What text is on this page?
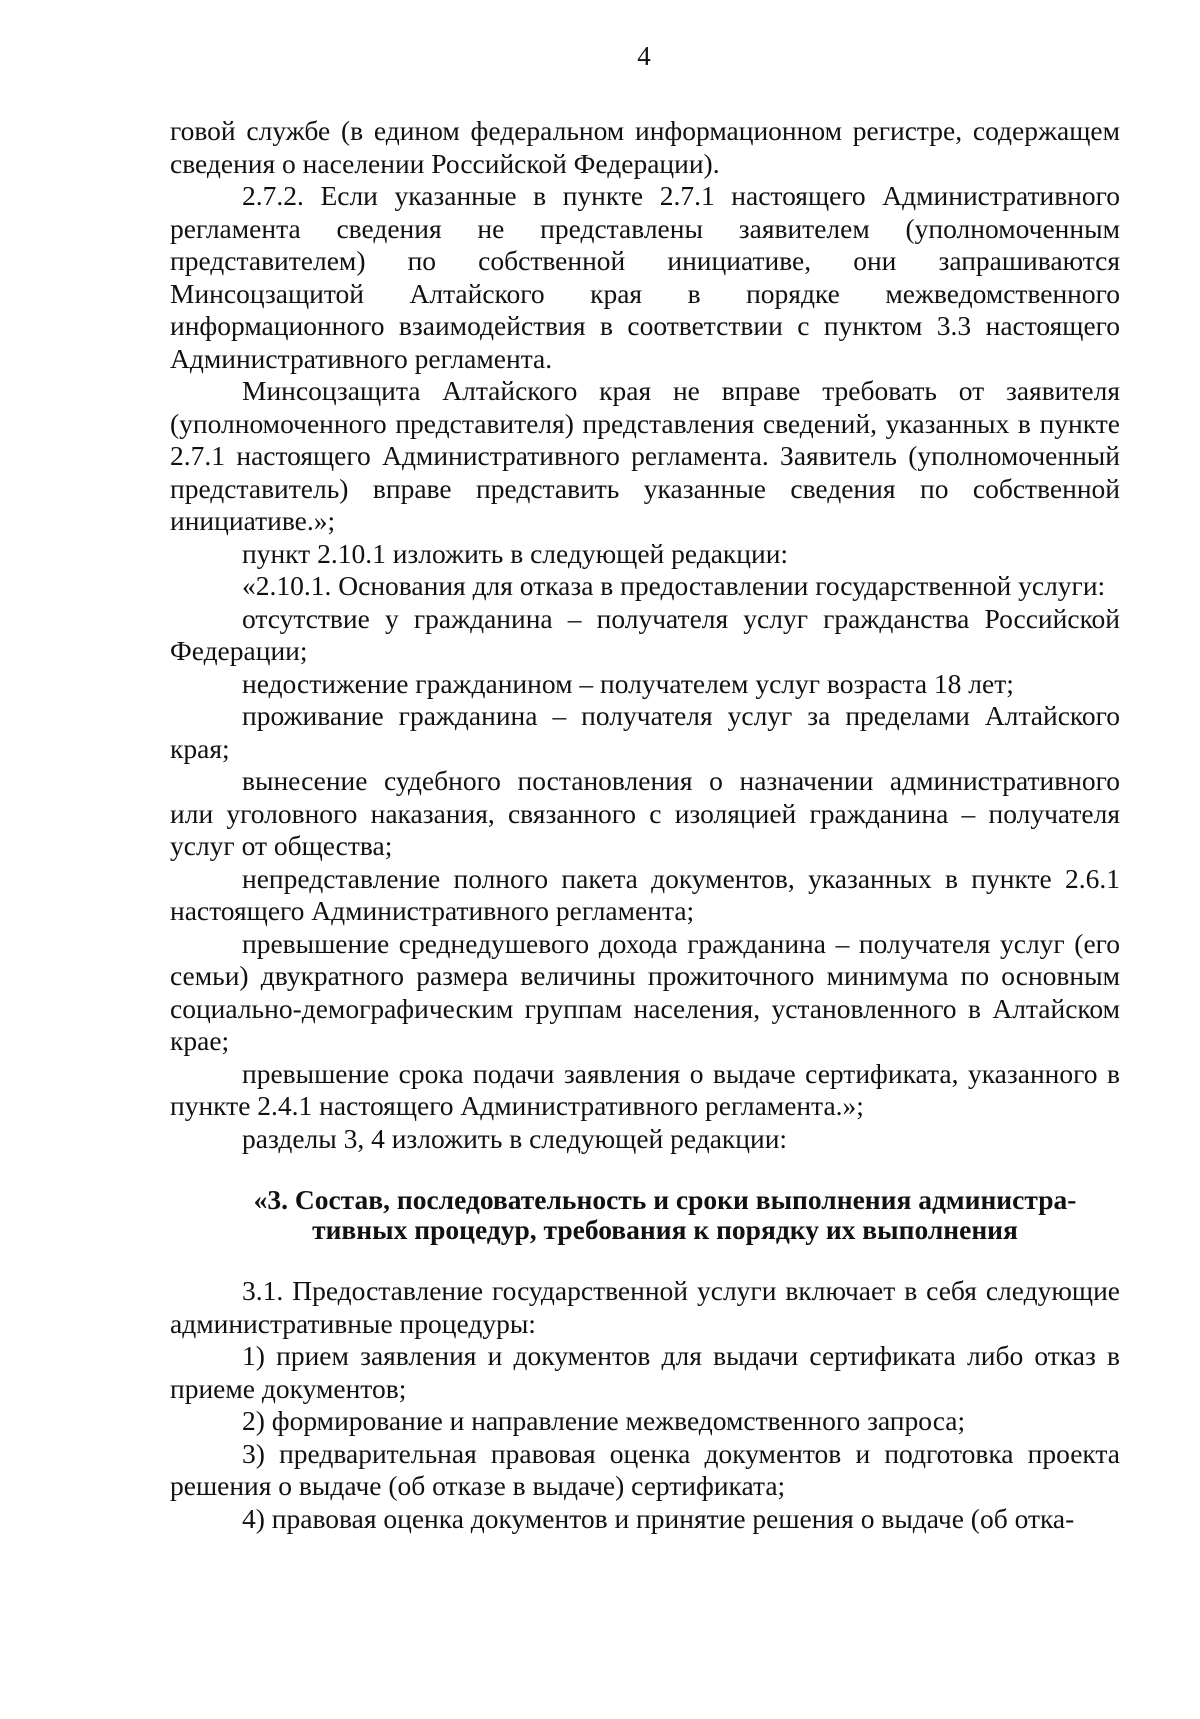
4

говой службе (в едином федеральном информационном регистре, содержащем сведения о населении Российской Федерации).

2.7.2. Если указанные в пункте 2.7.1 настоящего Административного регламента сведения не представлены заявителем (уполномоченным представителем) по собственной инициативе, они запрашиваются Минсоцзащитой Алтайского края в порядке межведомственного информационного взаимодействия в соответствии с пунктом 3.3 настоящего Административного регламента.

Минсоцзащита Алтайского края не вправе требовать от заявителя (уполномоченного представителя) представления сведений, указанных в пункте 2.7.1 настоящего Административного регламента. Заявитель (уполномоченный представитель) вправе представить указанные сведения по собственной инициативе.»;

пункт 2.10.1 изложить в следующей редакции:

«2.10.1. Основания для отказа в предоставлении государственной услуги:

отсутствие у гражданина – получателя услуг гражданства Российской Федерации;

недостижение гражданином – получателем услуг возраста 18 лет;

проживание гражданина – получателя услуг за пределами Алтайского края;

вынесение судебного постановления о назначении административного или уголовного наказания, связанного с изоляцией гражданина – получателя услуг от общества;

непредставление полного пакета документов, указанных в пункте 2.6.1 настоящего Административного регламента;

превышение среднедушевого дохода гражданина – получателя услуг (его семьи) двукратного размера величины прожиточного минимума по основным социально-демографическим группам населения, установленного в Алтайском крае;

превышение срока подачи заявления о выдаче сертификата, указанного в пункте 2.4.1 настоящего Административного регламента.»;

разделы 3, 4 изложить в следующей редакции:

«3. Состав, последовательность и сроки выполнения администра-
тивных процедур, требования к порядку их выполнения

3.1. Предоставление государственной услуги включает в себя следующие административные процедуры:

1) прием заявления и документов для выдачи сертификата либо отказ в приеме документов;

2) формирование и направление межведомственного запроса;

3) предварительная правовая оценка документов и подготовка проекта решения о выдаче (об отказе в выдаче) сертификата;

4) правовая оценка документов и принятие решения о выдаче (об отка-
